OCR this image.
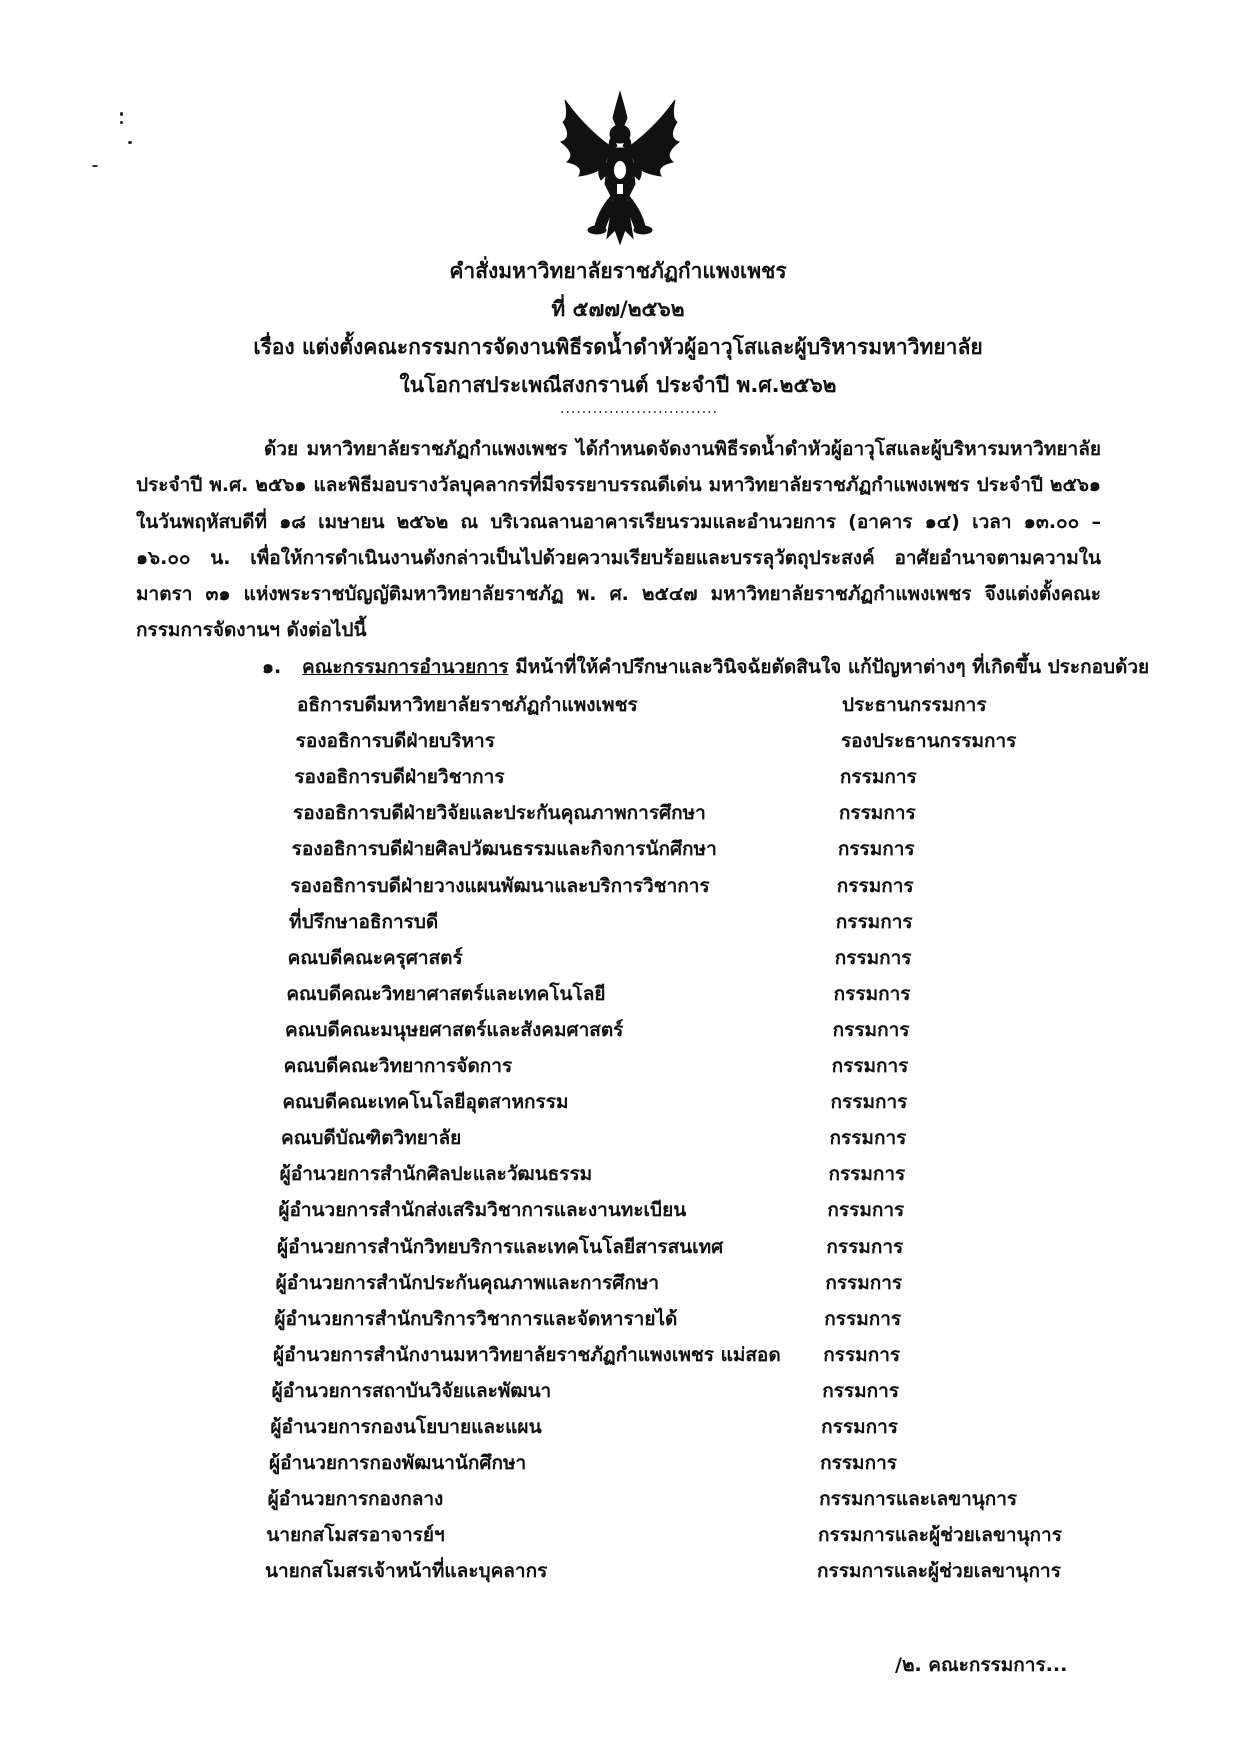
คำสั่งมหาวิทยาลัยราชภัฏกำแพงเพชร
ที่ ๕๗๗/๒๕๖๒
เรื่อง แต่งตั้งคณะกรรมการจัดงานพิธีรดน้ำดำหัวผู้อาวุโสและผู้บริหารมหาวิทยาลัย
ในโอกาสประเพณีสงกรานต์ ประจำปี พ.ศ.๒๕๖๒
.............................
ด้วย มหาวิทยาลัยราชภัฏกำแพงเพชร ได้กำหนดจัดงานพิธีรดน้ำดำหัวผู้อาวุโสและผู้บริหารมหาวิทยาลัย ประจำปี พ.ศ. ๒๕๖๑ และพิธีมอบรางวัลบุคลากรที่มีจรรยาบรรณดีเด่น มหาวิทยาลัยราชภัฏกำแพงเพชร ประจำปี ๒๕๖๑ ในวันพฤหัสบดีที่ ๑๘ เมษายน ๒๕๖๒ ณ บริเวณลานอาคารเรียนรวมและอำนวยการ (อาคาร ๑๔) เวลา ๑๓.๐๐ – ๑๖.๐๐ น. เพื่อให้การดำเนินงานดังกล่าวเป็นไปด้วยความเรียบร้อยและบรรลุวัตถุประสงค์ อาศัยอำนาจตามความในมาตรา ๓๑ แห่งพระราชบัญญัติมหาวิทยาลัยราชภัฏ พ. ศ. ๒๕๔๗ มหาวิทยาลัยราชภัฏกำแพงเพชร จึงแต่งตั้งคณะกรรมการจัดงานฯ ดังต่อไปนี้
๑. คณะกรรมการอำนวยการ มีหน้าที่ให้คำปรึกษาและวินิจฉัยตัดสินใจ แก้ปัญหาต่างๆ ที่เกิดขึ้น ประกอบด้วย
อธิการบดีมหาวิทยาลัยราชภัฏกำแพงเพชร	ประธานกรรมการ
รองอธิการบดีฝ่ายบริหาร	รองประธานกรรมการ
รองอธิการบดีฝ่ายวิชาการ	กรรมการ
รองอธิการบดีฝ่ายวิจัยและประกันคุณภาพการศึกษา	กรรมการ
รองอธิการบดีฝ่ายศิลปวัฒนธรรมและกิจการนักศึกษา	กรรมการ
รองอธิการบดีฝ่ายวางแผนพัฒนาและบริการวิชาการ	กรรมการ
ที่ปรึกษาอธิการบดี	กรรมการ
คณบดีคณะครุศาสตร์	กรรมการ
คณบดีคณะวิทยาศาสตร์และเทคโนโลยี	กรรมการ
คณบดีคณะมนุษยศาสตร์และสังคมศาสตร์	กรรมการ
คณบดีคณะวิทยาการจัดการ	กรรมการ
คณบดีคณะเทคโนโลยีอุตสาหกรรม	กรรมการ
คณบดีบัณฑิตวิทยาลัย	กรรมการ
ผู้อำนวยการสำนักศิลปะและวัฒนธรรม	กรรมการ
ผู้อำนวยการสำนักส่งเสริมวิชาการและงานทะเบียน	กรรมการ
ผู้อำนวยการสำนักวิทยบริการและเทคโนโลยีสารสนเทศ	กรรมการ
ผู้อำนวยการสำนักประกันคุณภาพและการศึกษา	กรรมการ
ผู้อำนวยการสำนักบริการวิชาการและจัดหารายได้	กรรมการ
ผู้อำนวยการสำนักงานมหาวิทยาลัยราชภัฏกำแพงเพชร แม่สอด กรรมการ
ผู้อำนวยการสถาบันวิจัยและพัฒนา	กรรมการ
ผู้อำนวยการกองนโยบายและแผน	กรรมการ
ผู้อำนวยการกองพัฒนานักศึกษา	กรรมการ
ผู้อำนวยการกองกลาง	กรรมการและเลขานุการ
นายกสโมสรอาจารย์ฯ	กรรมการและผู้ช่วยเลขานุการ
นายกสโมสรเจ้าหน้าที่และบุคลากร	กรรมการและผู้ช่วยเลขานุการ
/๒. คณะกรรมการ...
